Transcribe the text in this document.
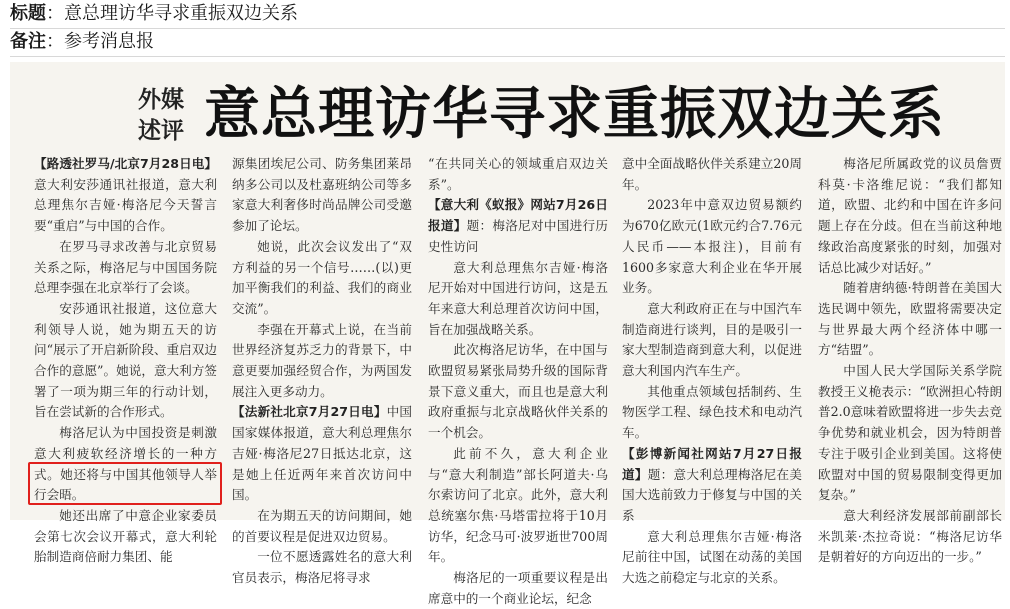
标题：意总理访华寻求重振双边关系
备注：参考消息报
外媒
述评 意总理访华寻求重振双边关系

【路透社罗马/北京7月28日电】意大利安莎通讯社报道，意大利总理焦尔吉娅·梅洛尼今天誓言要“重启”与中国的合作。

在罗马寻求改善与北京贸易关系之际，梅洛尼与中国国务院总理李强在北京举行了会谈。

安莎通讯社报道，这位意大利领导人说，她为期五天的访问“展示了开启新阶段、重启双边合作的意愿”。她说，意大利方签署了一项为期三年的行动计划，旨在尝试新的合作形式。

梅洛尼认为中国投资是刺激意大利疲软经济增长的一种方式。她还将与中国其他领导人举行会晤。

她还出席了中意企业家委员会第七次会议开幕式，意大利轮胎制造商倍耐力集团、能

源集团埃尼公司、防务集团莱昂纳多公司以及杜嘉班纳公司等多家意大利奢侈时尚品牌公司受邀参加了论坛。

她说，此次会议发出了“双方利益的另一个信号……(以)更加平衡我们的利益、我们的商业交流”。

李强在开幕式上说，在当前世界经济复苏乏力的背景下，中意更要加强经贸合作，为两国发展注入更多动力。

【法新社北京7月27日电】中国国家媒体报道，意大利总理焦尔吉娅·梅洛尼27日抵达北京，这是她上任近两年来首次访问中国。

在为期五天的访问期间，她的首要议程是促进双边贸易。

一位不愿透露姓名的意大利官员表示，梅洛尼将寻求

“在共同关心的领域重启双边关系”。

【意大利《蚁报》网站7月26日报道】题：梅洛尼对中国进行历史性访问

意大利总理焦尔吉娅·梅洛尼开始对中国进行访问，这是五年来意大利总理首次访问中国，旨在加强战略关系。

此次梅洛尼访华，在中国与欧盟贸易紧张局势升级的国际背景下意义重大，而且也是意大利政府重振与北京战略伙伴关系的一个机会。

此前不久，意大利企业与“意大利制造”部长阿道夫·乌尔索访问了北京。此外，意大利总统塞尔焦·马塔雷拉将于10月访华，纪念马可·波罗逝世700周年。

梅洛尼的一项重要议程是出席意中的一个商业论坛，纪念

意中全面战略伙伴关系建立20周年。

2023年中意双边贸易额约为670亿欧元(1欧元约合7.76元人民币——本报注)，目前有1600多家意大利企业在华开展业务。

意大利政府正在与中国汽车制造商进行谈判，目的是吸引一家大型制造商到意大利，以促进意大利国内汽车生产。

其他重点领域包括制药、生物医学工程、绿色技术和电动汽车。

【彭博新闻社网站7月27日报道】题：意大利总理梅洛尼在美国大选前致力于修复与中国的关系

意大利总理焦尔吉娅·梅洛尼前往中国，试图在动荡的美国大选之前稳定与北京的关系。

梅洛尼所属政党的议员詹贾科莫·卡洛维尼说：“我们都知道，欧盟、北约和中国在许多问题上存在分歧。但在当前这种地缘政治高度紧张的时刻，加强对话总比减少对话好。”

随着唐纳德·特朗普在美国大选民调中领先，欧盟将需要决定与世界最大两个经济体中哪一方“结盟”。

中国人民大学国际关系学院教授王义桅表示：“欧洲担心特朗普2.0意味着欧盟将进一步失去竞争优势和就业机会，因为特朗普专注于吸引企业到美国。这将使欧盟对中国的贸易限制变得更加复杂。”

意大利经济发展部前副部长米凯莱·杰拉奇说：“梅洛尼访华是朝着好的方向迈出的一步。”
